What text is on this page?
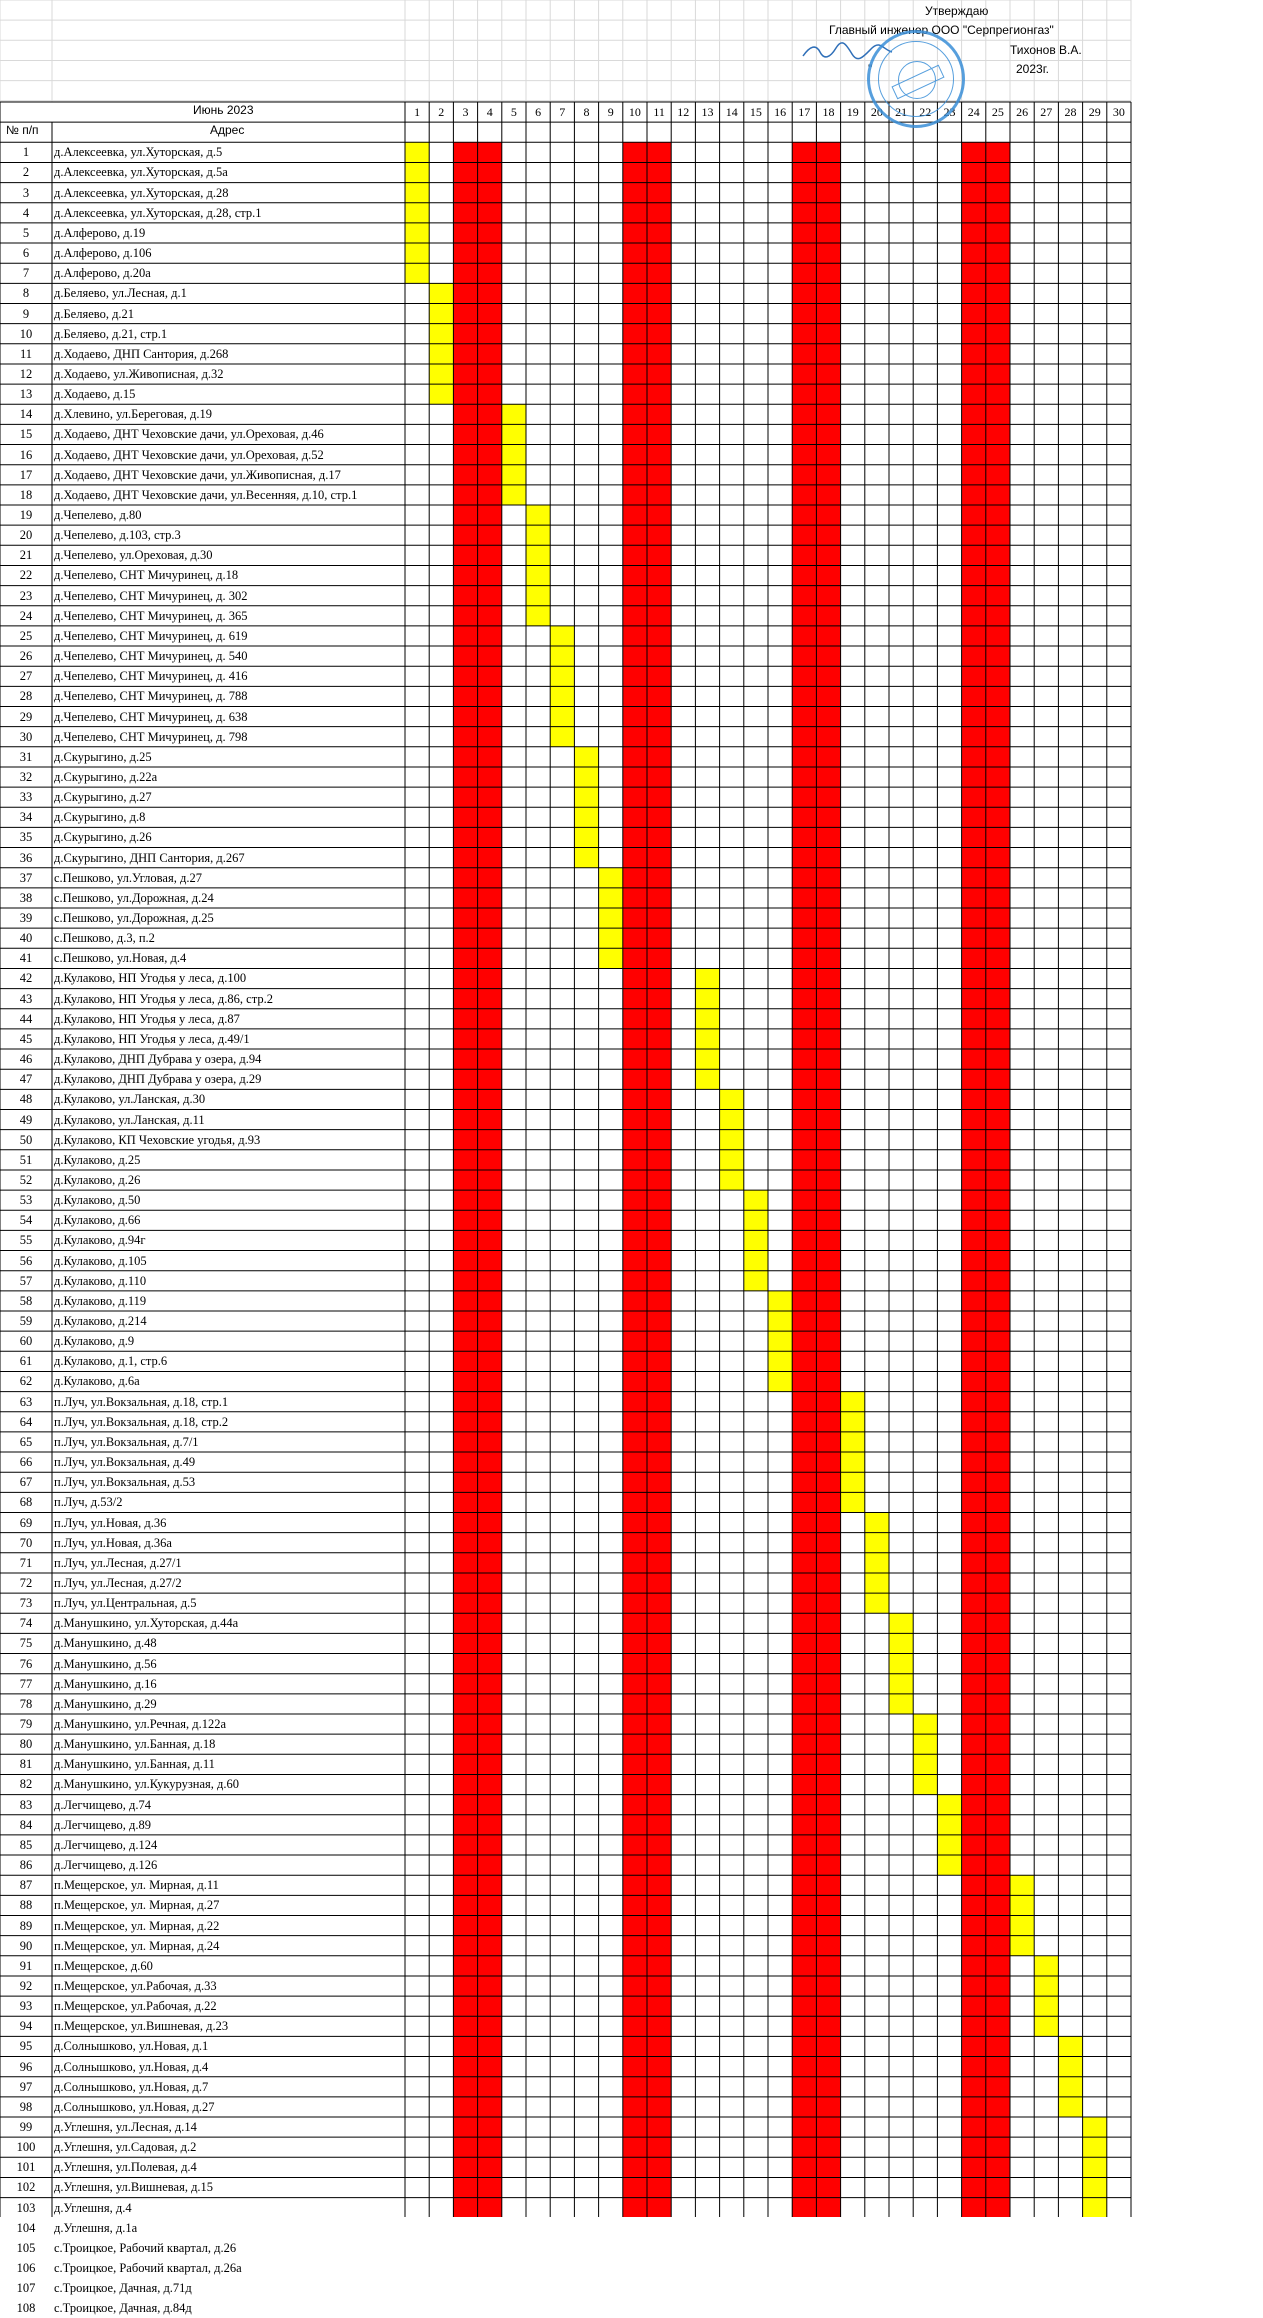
1 2 3 4 5 6 7 8 9 10 11 12 13 14 15 16 17 18 19 20 21 22 23 24 25 26 27 28 29 30
Утверждаю
Главный инженер ООО "Серпрегионгаз"
Тихонов В.А.
"	2023г.
Июнь 2023
№ п/п	Адрес
1	д.Алексеевка, ул.Хуторская, д.5
2	д.Алексеевка, ул.Хуторская, д.5а
3	д.Алексеевка, ул.Хуторская, д.28
4	д.Алексеевка, ул.Хуторская, д.28, стр.1
5	д.Алферово, д.19
6	д.Алферово, д.106
7	д.Алферово, д.20а
8	д.Беляево, ул.Лесная, д.1
9	д.Беляево, д.21
10	д.Беляево, д.21, стр.1
11	д.Ходаево, ДНП Сантория, д.268
12	д.Ходаево, ул.Живописная, д.32
13	д.Ходаево, д.15
14	д.Хлевино, ул.Береговая, д.19
15	д.Ходаево, ДНТ Чеховские дачи, ул.Ореховая, д.46
16	д.Ходаево, ДНТ Чеховские дачи, ул.Ореховая, д.52
17	д.Ходаево, ДНТ Чеховские дачи, ул.Живописная, д.17
18	д.Ходаево, ДНТ Чеховские дачи, ул.Весенняя, д.10, стр.1
19	д.Чепелево, д.80
20	д.Чепелево, д.103, стр.3
21	д.Чепелево, ул.Ореховая, д.30
22	д.Чепелево, СНТ Мичуринец, д.18
23	д.Чепелево, СНТ Мичуринец, д. 302
24	д.Чепелево, СНТ Мичуринец, д. 365
25	д.Чепелево, СНТ Мичуринец, д. 619
26	д.Чепелево, СНТ Мичуринец, д. 540
27	д.Чепелево, СНТ Мичуринец, д. 416
28	д.Чепелево, СНТ Мичуринец, д. 788
29	д.Чепелево, СНТ Мичуринец, д. 638
30	д.Чепелево, СНТ Мичуринец, д. 798
31	д.Скурыгино, д.25
32	д.Скурыгино, д.22а
33	д.Скурыгино, д.27
34	д.Скурыгино, д.8
35	д.Скурыгино, д.26
36	д.Скурыгино, ДНП Сантория, д.267
37	с.Пешково, ул.Угловая, д.27
38	с.Пешково, ул.Дорожная, д.24
39	с.Пешково, ул.Дорожная, д.25
40	с.Пешково, д.3, п.2
41	с.Пешково, ул.Новая, д.4
42	д.Кулаково, НП Угодья у леса, д.100
43	д.Кулаково, НП Угодья у леса, д.86, стр.2
44	д.Кулаково, НП Угодья у леса, д.87
45	д.Кулаково, НП Угодья у леса, д.49/1
46	д.Кулаково, ДНП Дубрава у озера, д.94
47	д.Кулаково, ДНП Дубрава у озера, д.29
48	д.Кулаково, ул.Ланская, д.30
49	д.Кулаково, ул.Ланская, д.11
50	д.Кулаково, КП Чеховские угодья, д.93
51	д.Кулаково, д.25
52	д.Кулаково, д.26
53	д.Кулаково, д.50
54	д.Кулаково, д.66
55	д.Кулаково, д.94г
56	д.Кулаково, д.105
57	д.Кулаково, д.110
58	д.Кулаково, д.119
59	д.Кулаково, д.214
60	д.Кулаково, д.9
61	д.Кулаково, д.1, стр.6
62	д.Кулаково, д.6а
63	п.Луч, ул.Вокзальная, д.18, стр.1
64	п.Луч, ул.Вокзальная, д.18, стр.2
65	п.Луч, ул.Вокзальная, д.7/1
66	п.Луч, ул.Вокзальная, д.49
67	п.Луч, ул.Вокзальная, д.53
68	п.Луч, д.53/2
69	п.Луч, ул.Новая, д.36
70	п.Луч, ул.Новая, д.36а
71	п.Луч, ул.Лесная, д.27/1
72	п.Луч, ул.Лесная, д.27/2
73	п.Луч, ул.Центральная, д.5
74	д.Манушкино, ул.Хуторская, д.44а
75	д.Манушкино, д.48
76	д.Манушкино, д.56
77	д.Манушкино, д.16
78	д.Манушкино, д.29
79	д.Манушкино, ул.Речная, д.122а
80	д.Манушкино, ул.Банная, д.18
81	д.Манушкино, ул.Банная, д.11
82	д.Манушкино, ул.Кукурузная, д.60
83	д.Легчищево, д.74
84	д.Легчищево, д.89
85	д.Легчищево, д.124
86	д.Легчищево, д.126
87	п.Мещерское, ул. Мирная, д.11
88	п.Мещерское, ул. Мирная, д.27
89	п.Мещерское, ул. Мирная, д.22
90	п.Мещерское, ул. Мирная, д.24
91	п.Мещерское, д.60
92	п.Мещерское, ул.Рабочая, д.33
93	п.Мещерское, ул.Рабочая, д.22
94	п.Мещерское, ул.Вишневая, д.23
95	д.Солнышково, ул.Новая, д.1
96	д.Солнышково, ул.Новая, д.4
97	д.Солнышково, ул.Новая, д.7
98	д.Солнышково, ул.Новая, д.27
99	д.Углешня, ул.Лесная, д.14
100	д.Углешня, ул.Садовая, д.2
101	д.Углешня, ул.Полевая, д.4
102	д.Углешня, ул.Вишневая, д.15
103	д.Углешня, д.4
104	д.Углешня, д.1а
105	с.Троицкое, Рабочий квартал, д.26
106	с.Троицкое, Рабочий квартал, д.26а
107	с.Троицкое, Дачная, д.71д
108	с.Троицкое, Дачная, д.84д
